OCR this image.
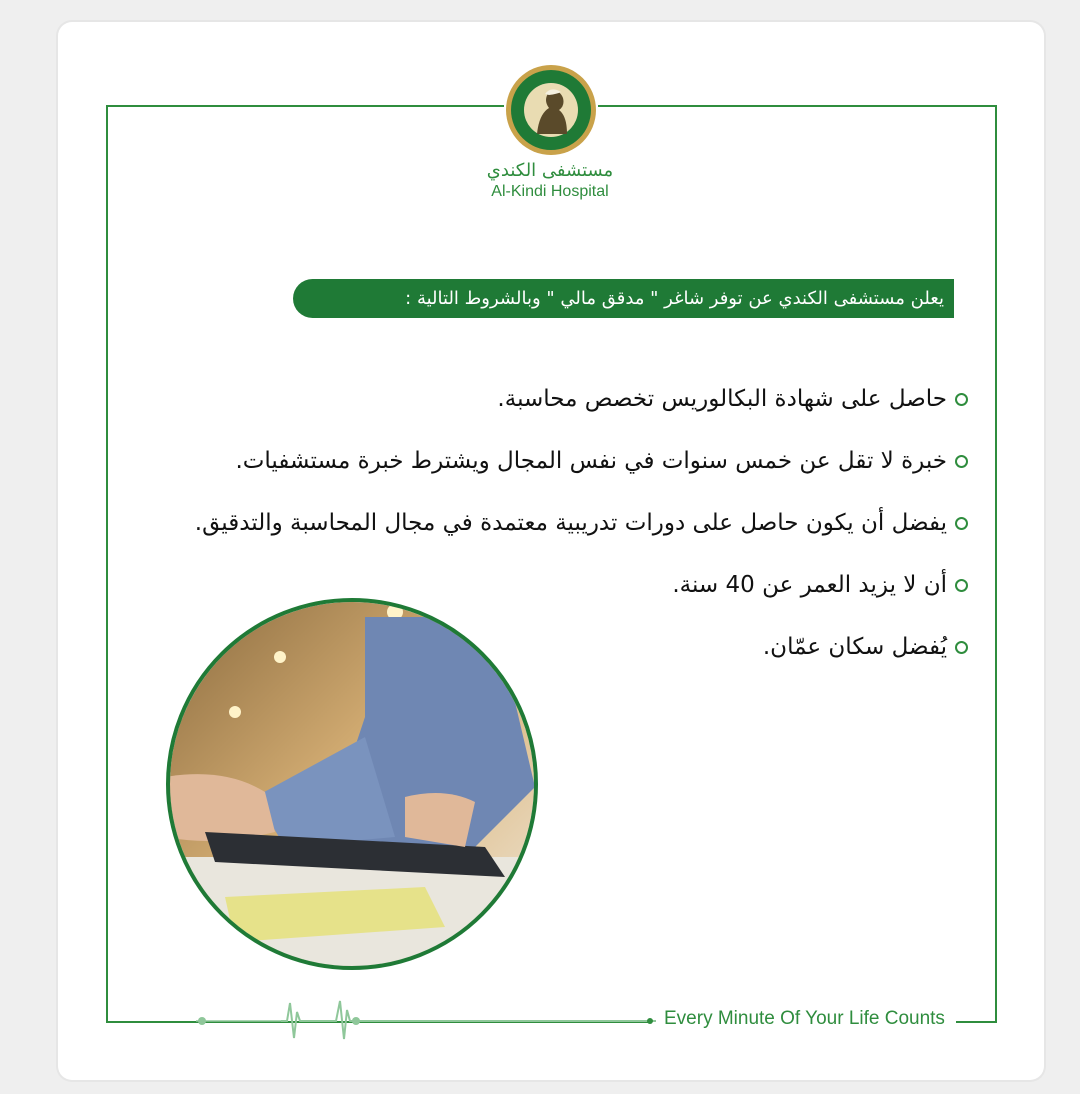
مستشفى الكندي
Al-Kindi Hospital
يعلن مستشفى الكندي عن توفر شاغر " مدقق مالي " وبالشروط التالية :
حاصل على شهادة البكالوريس تخصص محاسبة.
خبرة لا تقل عن خمس سنوات في نفس المجال ويشترط خبرة مستشفيات.
يفضل أن يكون حاصل على دورات تدريبية معتمدة في مجال المحاسبة والتدقيق.
أن لا يزيد العمر عن 40 سنة.
يُفضل سكان عمّان.
Every Minute Of Your Life Counts
